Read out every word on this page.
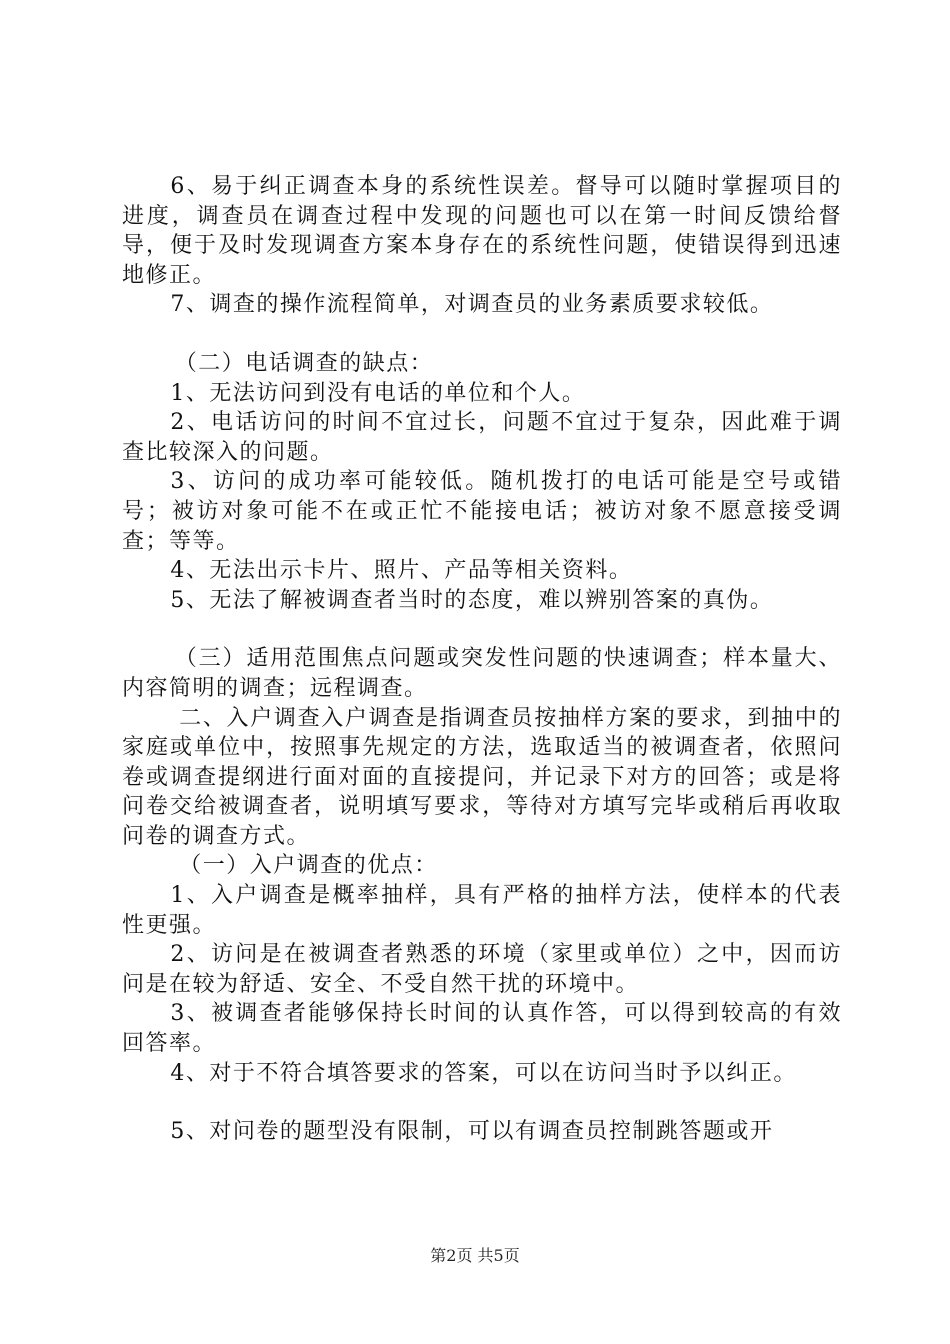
6、易于纠正调查本身的系统性误差。督导可以随时掌握项目的进度，调查员在调查过程中发现的问题也可以在第一时间反馈给督导，便于及时发现调查方案本身存在的系统性问题，使错误得到迅速地修正。

7、调查的操作流程简单，对调查员的业务素质要求较低。

（二）电话调查的缺点：

1、无法访问到没有电话的单位和个人。

2、电话访问的时间不宜过长，问题不宜过于复杂，因此难于调查比较深入的问题。

3、访问的成功率可能较低。随机拨打的电话可能是空号或错号；被访对象可能不在或正忙不能接电话；被访对象不愿意接受调查；等等。

4、无法出示卡片、照片、产品等相关资料。

5、无法了解被调查者当时的态度，难以辨别答案的真伪。

（三）适用范围焦点问题或突发性问题的快速调查；样本量大、内容简明的调查；远程调查。

二、入户调查入户调查是指调查员按抽样方案的要求，到抽中的家庭或单位中，按照事先规定的方法，选取适当的被调查者，依照问卷或调查提纲进行面对面的直接提问，并记录下对方的回答；或是将问卷交给被调查者，说明填写要求，等待对方填写完毕或稍后再收取问卷的调查方式。

（一）入户调查的优点：

1、入户调查是概率抽样，具有严格的抽样方法，使样本的代表性更强。

2、访问是在被调查者熟悉的环境（家里或单位）之中，因而访问是在较为舒适、安全、不受自然干扰的环境中。

3、被调查者能够保持长时间的认真作答，可以得到较高的有效回答率。

4、对于不符合填答要求的答案，可以在访问当时予以纠正。

5、对问卷的题型没有限制，可以有调查员控制跳答题或开

第2页 共5页
